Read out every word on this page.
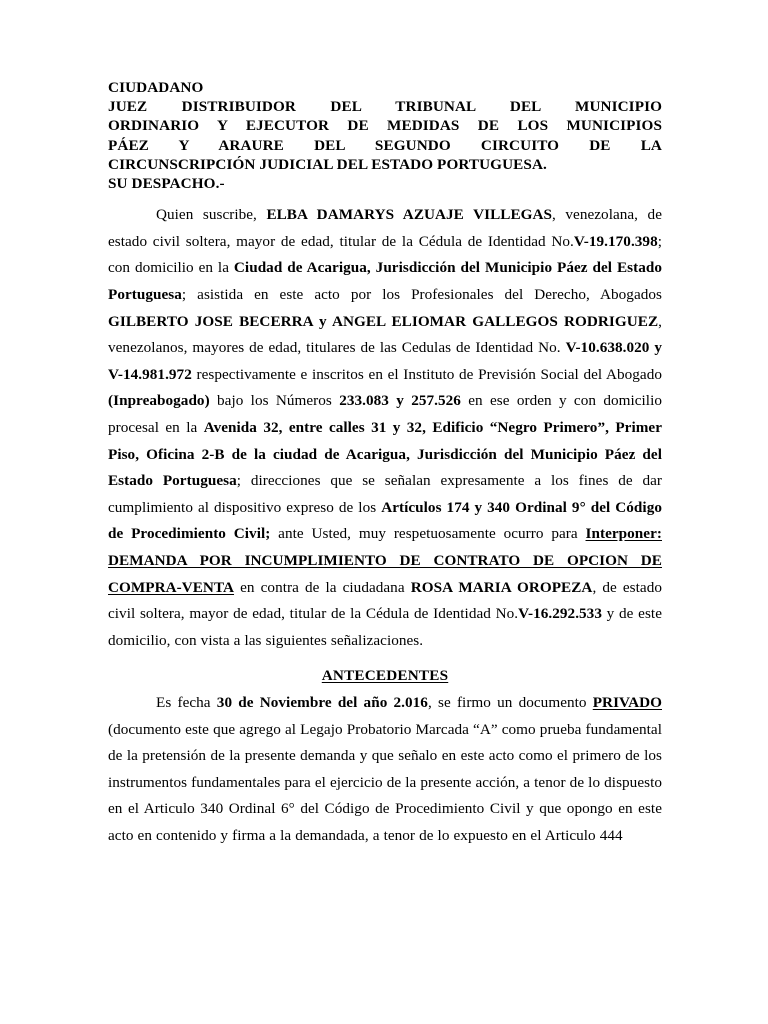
CIUDADANO
JUEZ DISTRIBUIDOR DEL TRIBUNAL DEL MUNICIPIO
ORDINARIO Y EJECUTOR DE MEDIDAS DE LOS MUNICIPIOS
PÁEZ Y ARAURE DEL SEGUNDO CIRCUITO DE LA
CIRCUNSCRIPCIÓN JUDICIAL DEL ESTADO PORTUGUESA.
SU DESPACHO.-

Quien suscribe, ELBA DAMARYS AZUAJE VILLEGAS, venezolana, de estado civil soltera, mayor de edad, titular de la Cédula de Identidad No.V-19.170.398; con domicilio en la Ciudad de Acarigua, Jurisdicción del Municipio Páez del Estado Portuguesa; asistida en este acto por los Profesionales del Derecho, Abogados GILBERTO JOSE BECERRA y ANGEL ELIOMAR GALLEGOS RODRIGUEZ, venezolanos, mayores de edad, titulares de las Cedulas de Identidad No. V-10.638.020 y V-14.981.972 respectivamente e inscritos en el Instituto de Previsión Social del Abogado (Inpreabogado) bajo los Números 233.083 y 257.526 en ese orden y con domicilio procesal en la Avenida 32, entre calles 31 y 32, Edificio “Negro Primero”, Primer Piso, Oficina 2-B de la ciudad de Acarigua, Jurisdicción del Municipio Páez del Estado Portuguesa; direcciones que se señalan expresamente a los fines de dar cumplimiento al dispositivo expreso de los Artículos 174 y 340 Ordinal 9° del Código de Procedimiento Civil; ante Usted, muy respetuosamente ocurro para Interponer: DEMANDA POR INCUMPLIMIENTO DE CONTRATO DE OPCION DE COMPRA-VENTA en contra de la ciudadana ROSA MARIA OROPEZA, de estado civil soltera, mayor de edad, titular de la Cédula de Identidad No.V-16.292.533 y de este domicilio, con vista a las siguientes señalizaciones.

ANTECEDENTES

Es fecha 30 de Noviembre del año 2.016, se firmo un documento PRIVADO (documento este que agrego al Legajo Probatorio Marcada “A” como prueba fundamental de la pretensión de la presente demanda y que señalo en este acto como el primero de los instrumentos fundamentales para el ejercicio de la presente acción, a tenor de lo dispuesto en el Articulo 340 Ordinal 6° del Código de Procedimiento Civil y que opongo en este acto en contenido y firma a la demandada, a tenor de lo expuesto en el Articulo 444
